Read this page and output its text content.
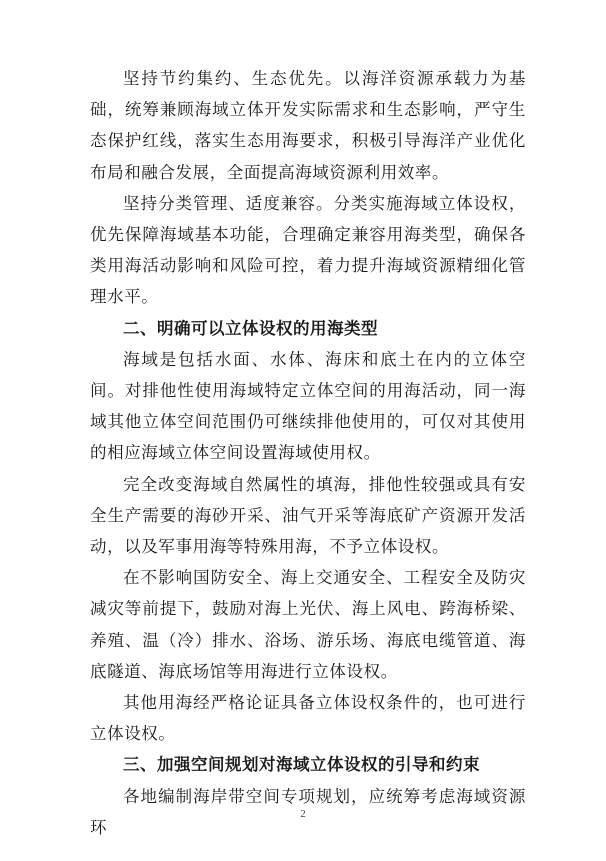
坚持节约集约、生态优先。以海洋资源承载力为基础，统筹兼顾海域立体开发实际需求和生态影响，严守生态保护红线，落实生态用海要求，积极引导海洋产业优化布局和融合发展，全面提高海域资源利用效率。

坚持分类管理、适度兼容。分类实施海域立体设权，优先保障海域基本功能，合理确定兼容用海类型，确保各类用海活动影响和风险可控，着力提升海域资源精细化管理水平。

二、明确可以立体设权的用海类型

海域是包括水面、水体、海床和底土在内的立体空间。对排他性使用海域特定立体空间的用海活动，同一海域其他立体空间范围仍可继续排他使用的，可仅对其使用的相应海域立体空间设置海域使用权。

完全改变海域自然属性的填海，排他性较强或具有安全生产需要的海砂开采、油气开采等海底矿产资源开发活动，以及军事用海等特殊用海，不予立体设权。

在不影响国防安全、海上交通安全、工程安全及防灾减灾等前提下，鼓励对海上光伏、海上风电、跨海桥梁、养殖、温（冷）排水、浴场、游乐场、海底电缆管道、海底隧道、海底场馆等用海进行立体设权。

其他用海经严格论证具备立体设权条件的，也可进行立体设权。

三、加强空间规划对海域立体设权的引导和约束

各地编制海岸带空间专项规划，应统筹考虑海域资源环

2
